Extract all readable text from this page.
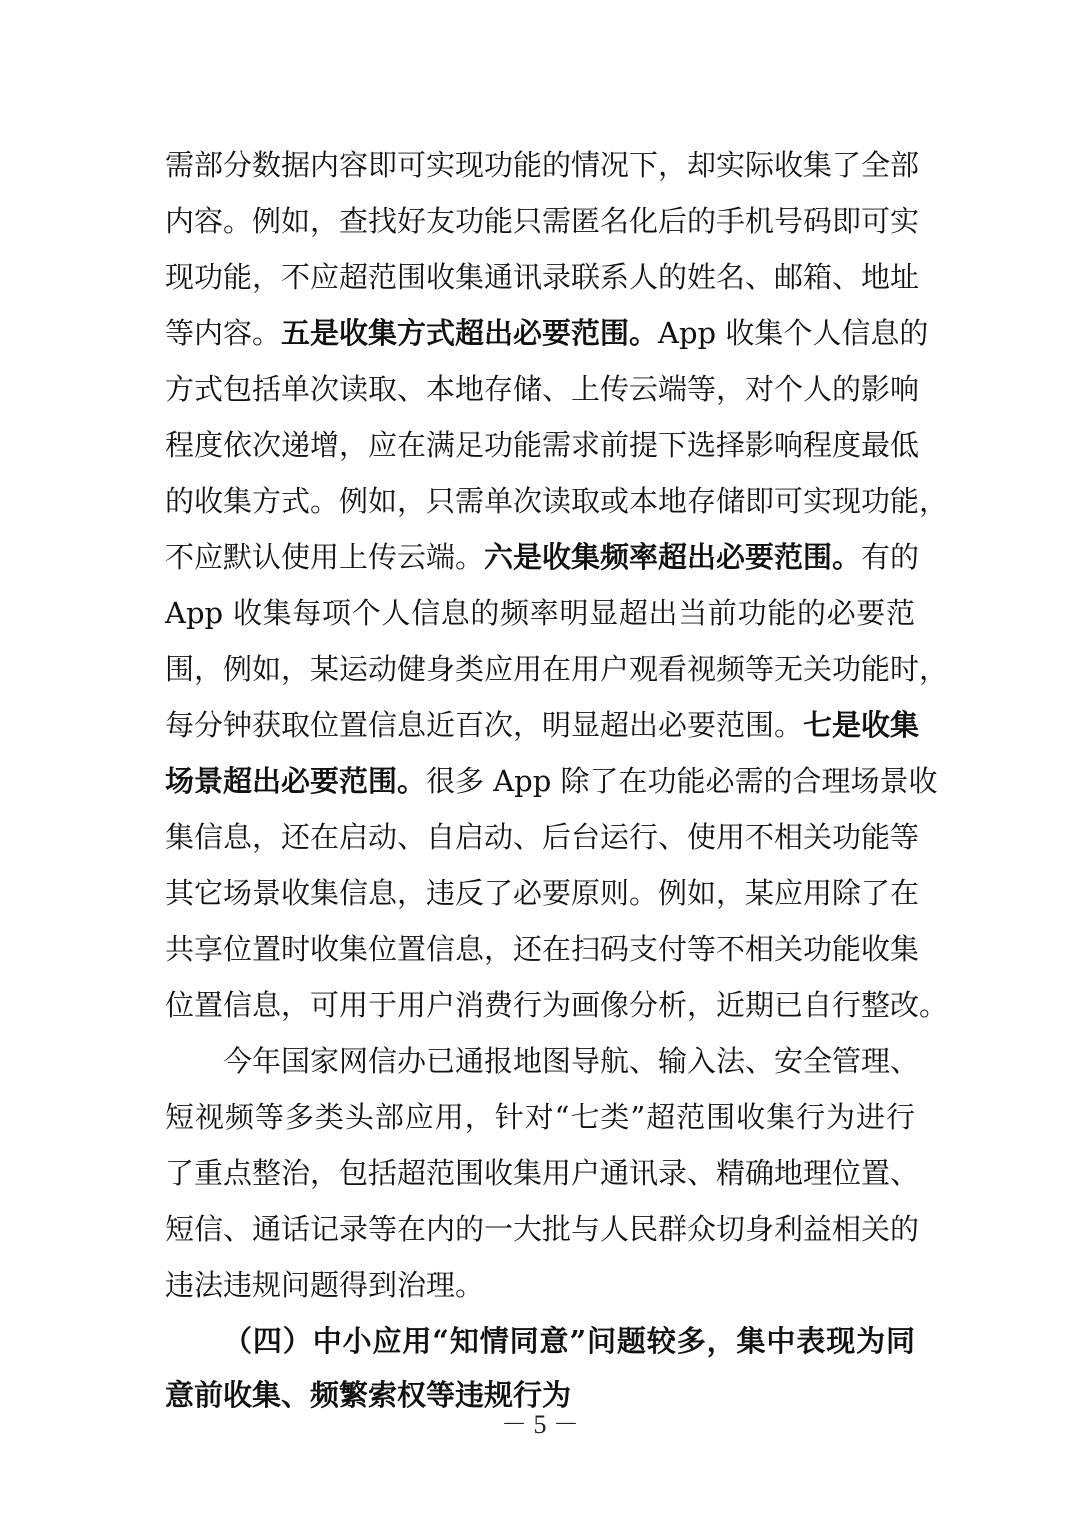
需部分数据内容即可实现功能的情况下，却实际收集了全部
内容。例如，查找好友功能只需匿名化后的手机号码即可实
现功能，不应超范围收集通讯录联系人的姓名、邮箱、地址
等内容。五是收集方式超出必要范围。App 收集个人信息的
方式包括单次读取、本地存储、上传云端等，对个人的影响
程度依次递增，应在满足功能需求前提下选择影响程度最低
的收集方式。例如，只需单次读取或本地存储即可实现功能，
不应默认使用上传云端。六是收集频率超出必要范围。有的
App 收集每项个人信息的频率明显超出当前功能的必要范
围，例如，某运动健身类应用在用户观看视频等无关功能时，
每分钟获取位置信息近百次，明显超出必要范围。七是收集
场景超出必要范围。很多 App 除了在功能必需的合理场景收
集信息，还在启动、自启动、后台运行、使用不相关功能等
其它场景收集信息，违反了必要原则。例如，某应用除了在
共享位置时收集位置信息，还在扫码支付等不相关功能收集
位置信息，可用于用户消费行为画像分析，近期已自行整改。
今年国家网信办已通报地图导航、输入法、安全管理、
短视频等多类头部应用，针对“七类”超范围收集行为进行
了重点整治，包括超范围收集用户通讯录、精确地理位置、
短信、通话记录等在内的一大批与人民群众切身利益相关的
违法违规问题得到治理。
（四）中小应用“知情同意”问题较多，集中表现为同
意前收集、频繁索权等违规行为
－ 5 －
